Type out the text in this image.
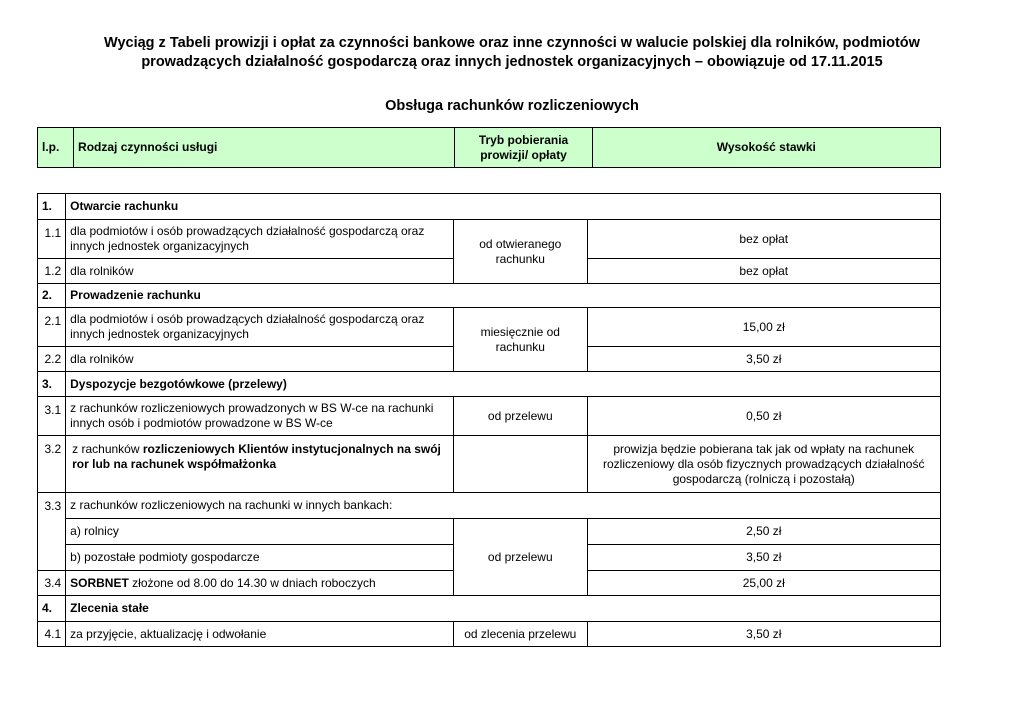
Wyciąg z Tabeli prowizji i opłat za czynności bankowe oraz inne czynności w walucie polskiej dla rolników, podmiotów
prowadzących działalność gospodarczą oraz innych jednostek organizacyjnych – obowiązuje od 17.11.2015
Obsługa rachunków rozliczeniowych
l.p.	Rodzaj czynności usługi	Tryb pobierania prowizji/ opłaty	Wysokość stawki
1.	Otwarcie rachunku		
1.1	dla podmiotów i osób prowadzących działalność gospodarczą oraz innych jednostek organizacyjnych	od otwieranego rachunku	bez opłat
1.2	dla rolników		bez opłat
2.	Prowadzenie rachunku		
2.1	dla podmiotów i osób prowadzących działalność gospodarczą oraz innych jednostek organizacyjnych	miesięcznie od rachunku	15,00 zł
2.2	dla rolników		3,50 zł
3.	Dyspozycje bezgotówkowe (przelewy)		
3.1	z rachunków rozliczeniowych prowadzonych w BS W-ce na rachunki innych osób i podmiotów prowadzone w BS W-ce	od przelewu	0,50 zł
3.2	z rachunków rozliczeniowych Klientów instytucjonalnych na swój ror lub na rachunek współmałżonka		prowizja będzie pobierana tak jak od wpłaty na rachunek rozliczeniowy dla osób fizycznych prowadzących działalność gospodarczą (rolniczą i pozostałą)
3.3	z rachunków rozliczeniowych na rachunki w innych bankach:		
	a) rolnicy	od przelewu	2,50 zł
	b) pozostałe podmioty gospodarcze		3,50 zł
3.4	SORBNET złożone od 8.00 do 14.30 w dniach roboczych		25,00 zł
4.	Zlecenia stałe		
4.1	za przyjęcie, aktualizację i odwołanie	od zlecenia przelewu	3,50 zł
